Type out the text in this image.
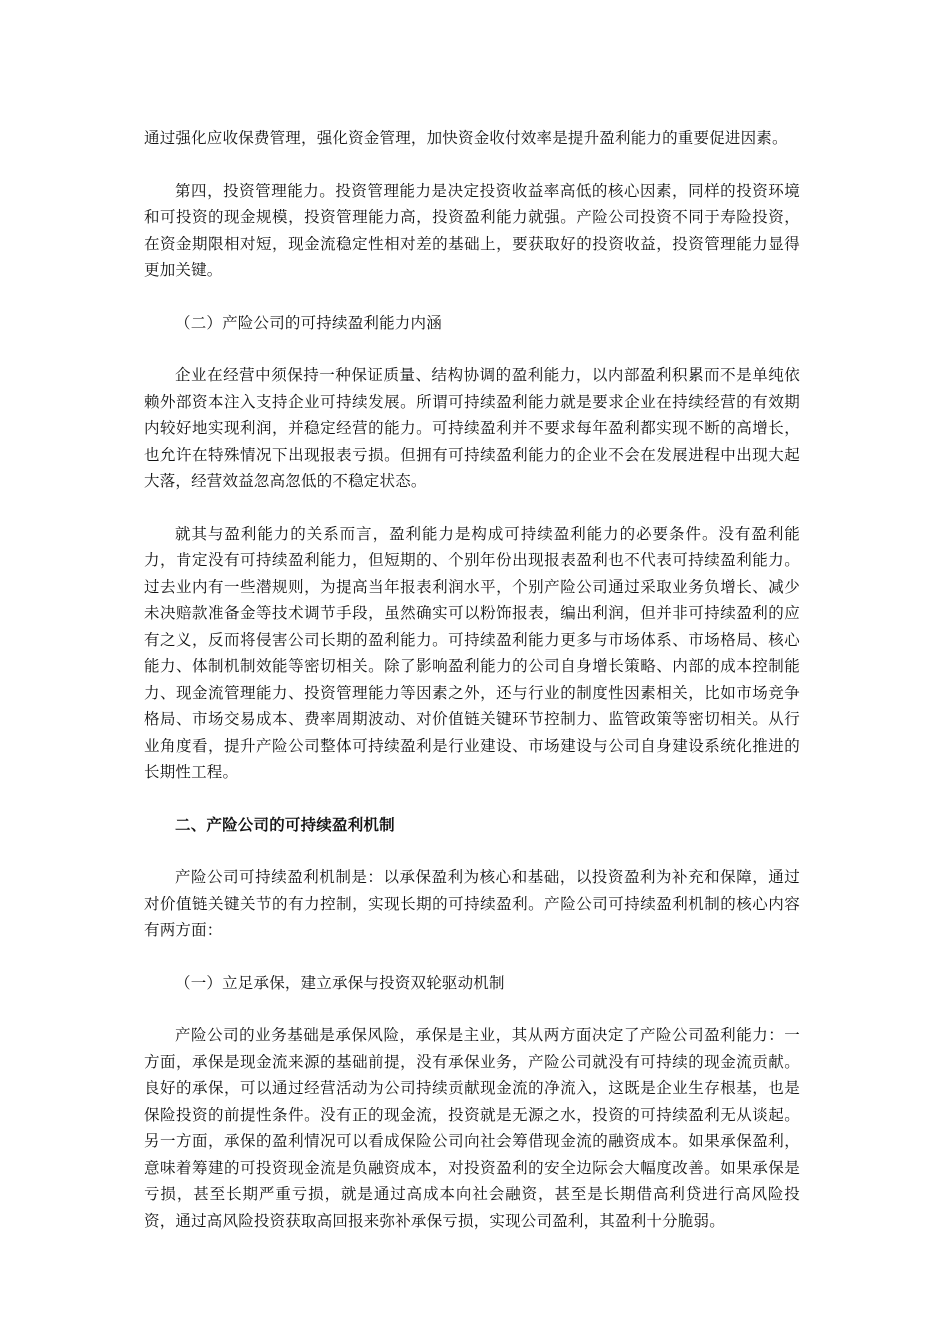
通过强化应收保费管理，强化资金管理，加快资金收付效率是提升盈利能力的重要促进因素。

第四，投资管理能力。投资管理能力是决定投资收益率高低的核心因素，同样的投资环境和可投资的现金规模，投资管理能力高，投资盈利能力就强。产险公司投资不同于寿险投资，在资金期限相对短，现金流稳定性相对差的基础上，要获取好的投资收益，投资管理能力显得更加关键。

（二）产险公司的可持续盈利能力内涵

企业在经营中须保持一种保证质量、结构协调的盈利能力，以内部盈利积累而不是单纯依赖外部资本注入支持企业可持续发展。所谓可持续盈利能力就是要求企业在持续经营的有效期内较好地实现利润，并稳定经营的能力。可持续盈利并不要求每年盈利都实现不断的高增长，也允许在特殊情况下出现报表亏损。但拥有可持续盈利能力的企业不会在发展进程中出现大起大落，经营效益忽高忽低的不稳定状态。

就其与盈利能力的关系而言，盈利能力是构成可持续盈利能力的必要条件。没有盈利能力，肯定没有可持续盈利能力，但短期的、个别年份出现报表盈利也不代表可持续盈利能力。过去业内有一些潜规则，为提高当年报表利润水平，个别产险公司通过采取业务负增长、减少未决赔款准备金等技术调节手段，虽然确实可以粉饰报表，编出利润，但并非可持续盈利的应有之义，反而将侵害公司长期的盈利能力。可持续盈利能力更多与市场体系、市场格局、核心能力、体制机制效能等密切相关。除了影响盈利能力的公司自身增长策略、内部的成本控制能力、现金流管理能力、投资管理能力等因素之外，还与行业的制度性因素相关，比如市场竞争格局、市场交易成本、费率周期波动、对价值链关键环节控制力、监管政策等密切相关。从行业角度看，提升产险公司整体可持续盈利是行业建设、市场建设与公司自身建设系统化推进的长期性工程。

二、产险公司的可持续盈利机制

产险公司可持续盈利机制是：以承保盈利为核心和基础，以投资盈利为补充和保障，通过对价值链关键关节的有力控制，实现长期的可持续盈利。产险公司可持续盈利机制的核心内容有两方面：

（一）立足承保，建立承保与投资双轮驱动机制

产险公司的业务基础是承保风险，承保是主业，其从两方面决定了产险公司盈利能力：一方面，承保是现金流来源的基础前提，没有承保业务，产险公司就没有可持续的现金流贡献。良好的承保，可以通过经营活动为公司持续贡献现金流的净流入，这既是企业生存根基，也是保险投资的前提性条件。没有正的现金流，投资就是无源之水，投资的可持续盈利无从谈起。另一方面，承保的盈利情况可以看成保险公司向社会筹借现金流的融资成本。如果承保盈利，意味着筹建的可投资现金流是负融资成本，对投资盈利的安全边际会大幅度改善。如果承保是亏损，甚至长期严重亏损，就是通过高成本向社会融资，甚至是长期借高利贷进行高风险投资，通过高风险投资获取高回报来弥补承保亏损，实现公司盈利，其盈利十分脆弱。
